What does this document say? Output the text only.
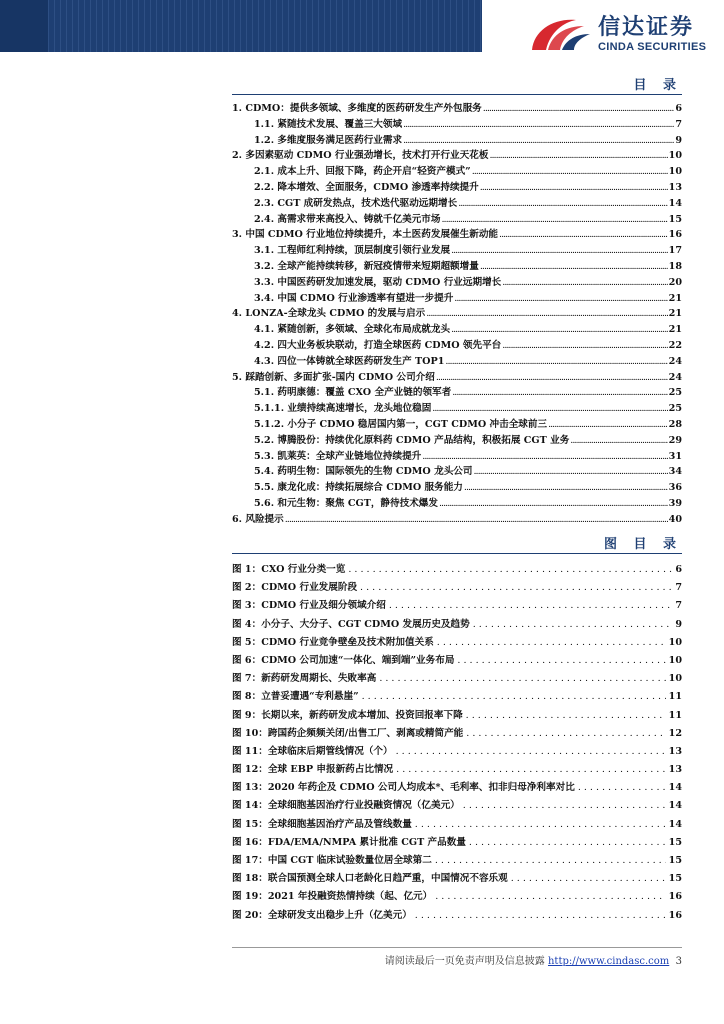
信达证券
CINDA SECURITIES
目 录
1. CDMO：提供多领域、多维度的医药研发生产外包服务 .....	6
1.1. 紧随技术发展、覆盖三大领域 .....	7
1.2. 多维度服务满足医药行业需求 .....	9
2. 多因素驱动 CDMO 行业强劲增长，技术打开行业天花板 .....	10
2.1. 成本上升、回报下降，药企开启“轻资产模式” .....	10
2.2. 降本增效、全面服务，CDMO 渗透率持续提升 .....	13
2.3. CGT 成研发热点，技术迭代驱动远期增长 .....	14
2.4. 高需求带来高投入、铸就千亿美元市场 .....	15
3. 中国 CDMO 行业地位持续提升，本土医药发展催生新动能 .....	16
3.1. 工程师红利持续，顶层制度引领行业发展 .....	17
3.2. 全球产能持续转移，新冠疫情带来短期超额增量 .....	18
3.3. 中国医药研发加速发展，驱动 CDMO 行业远期增长 .....	20
3.4. 中国 CDMO 行业渗透率有望进一步提升 .....	21
4. LONZA-全球龙头 CDMO 的发展与启示 .....	21
4.1. 紧随创新，多领域、全球化布局成就龙头 .....	21
4.2. 四大业务板块联动，打造全球医药 CDMO 领先平台 .....	22
4.3. 四位一体铸就全球医药研发生产 TOP1 .....	24
5. 踩踏创新、多面扩张-国内 CDMO 公司介绍 .....	24
5.1. 药明康德：覆盖 CXO 全产业链的领军者 .....	25
5.1.1. 业绩持续高速增长，龙头地位稳固 .....	25
5.1.2. 小分子 CDMO 稳居国内第一，CGT CDMO 冲击全球前三 .....	28
5.2. 博腾股份：持续优化原料药 CDMO 产品结构，积极拓展 CGT 业务 .....	29
5.3. 凯莱英：全球产业链地位持续提升 .....	31
5.4. 药明生物：国际领先的生物 CDMO 龙头公司 .....	34
5.5. 康龙化成：持续拓展综合 CDMO 服务能力 .....	36
5.6. 和元生物：聚焦 CGT，静待技术爆发 .....	39
6. 风险提示 .....	40
图 目 录
图 1：CXO 行业分类一览 .....	6
图 2：CDMO 行业发展阶段 .....	7
图 3：CDMO 行业及细分领域介绍 .....	7
图 4：小分子、大分子、CGT CDMO 发展历史及趋势 .....	9
图 5：CDMO 行业竞争壁垒及技术附加值关系 .....	10
图 6：CDMO 公司加速“一体化、端到端”业务布局 .....	10
图 7：新药研发周期长、失败率高 .....	10
图 8：立普妥遭遇“专利悬崖” .....	11
图 9：长期以来，新药研发成本增加、投资回报率下降 .....	11
图 10：跨国药企频频关闭/出售工厂、剥离或精简产能 .....	12
图 11：全球临床后期管线情况（个） .....	13
图 12：全球 EBP 申报新药占比情况 .....	13
图 13：2020 年药企及 CDMO 公司人均成本*、毛利率、扣非归母净利率对比 .....	14
图 14：全球细胞基因治疗行业投融资情况（亿美元） .....	14
图 15：全球细胞基因治疗产品及管线数量 .....	14
图 16：FDA/EMA/NMPA 累计批准 CGT 产品数量 .....	15
图 17：中国 CGT 临床试验数量位居全球第二 .....	15
图 18：联合国预测全球人口老龄化日趋严重，中国情况不容乐观 .....	15
图 19：2021 年投融资热情持续（起、亿元） .....	16
图 20：全球研发支出稳步上升（亿美元） .....	16
请阅读最后一页免责声明及信息披露 http://www.cindasc.com 3
